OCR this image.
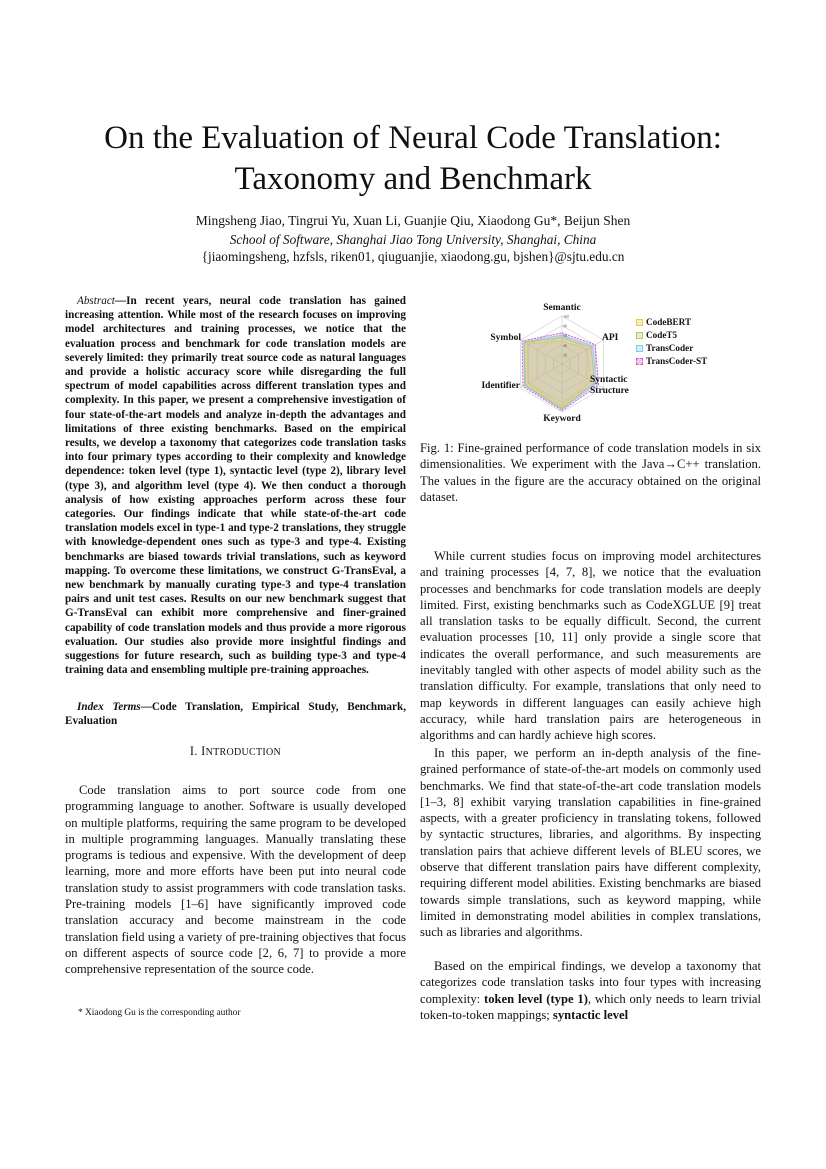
On the Evaluation of Neural Code Translation:
Taxonomy and Benchmark
Mingsheng Jiao, Tingrui Yu, Xuan Li, Guanjie Qiu, Xiaodong Gu*, Beijun Shen
School of Software, Shanghai Jiao Tong University, Shanghai, China
{jiaomingsheng, hzfsls, riken01, qiuguanjie, xiaodong.gu, bjshen}@sjtu.edu.cn
Abstract—In recent years, neural code translation has gained increasing attention. While most of the research focuses on improving model architectures and training processes, we notice that the evaluation process and benchmark for code translation models are severely limited: they primarily treat source code as natural languages and provide a holistic accuracy score while disregarding the full spectrum of model capabilities across different translation types and complexity. In this paper, we present a comprehensive investigation of four state-of-the-art models and analyze in-depth the advantages and limitations of three existing benchmarks. Based on the empirical results, we develop a taxonomy that categorizes code translation tasks into four primary types according to their complexity and knowledge dependence: token level (type 1), syntactic level (type 2), library level (type 3), and algorithm level (type 4). We then conduct a thorough analysis of how existing approaches perform across these four categories. Our findings indicate that while state-of-the-art code translation models excel in type-1 and type-2 translations, they struggle with knowledge-dependent ones such as type-3 and type-4. Existing benchmarks are biased towards trivial translations, such as keyword mapping. To overcome these limitations, we construct G-TransEval, a new benchmark by manually curating type-3 and type-4 translation pairs and unit test cases. Results on our new benchmark suggest that G-TransEval can exhibit more comprehensive and finer-grained capability of code translation models and thus provide a more rigorous evaluation. Our studies also provide more insightful findings and suggestions for future research, such as building type-3 and type-4 training data and ensembling multiple pre-training approaches.
Index Terms—Code Translation, Empirical Study, Benchmark, Evaluation
I. INTRODUCTION
Code translation aims to port source code from one programming language to another. Software is usually developed on multiple platforms, requiring the same program to be developed in multiple programming languages. Manually translating these programs is tedious and expensive. With the development of deep learning, more and more efforts have been put into neural code translation study to assist programmers with code translation tasks. Pre-training models [1–6] have significantly improved code translation accuracy and become mainstream in the code translation field using a variety of pre-training objectives that focus on different aspects of source code [2, 6, 7] to provide a more comprehensive representation of the source code.
* Xiaodong Gu is the corresponding author
100
80
60
40
20
Semantic
API
Syntactic
Structure
Keyword
Identifier
Symbol
CodeBERT
CodeT5
TransCoder
TransCoder-ST
Fig. 1: Fine-grained performance of code translation models in six dimensionalities. We experiment with the Java→C++ translation. The values in the figure are the accuracy obtained on the original dataset.
While current studies focus on improving model architectures and training processes [4, 7, 8], we notice that the evaluation processes and benchmarks for code translation models are deeply limited. First, existing benchmarks such as CodeXGLUE [9] treat all translation tasks to be equally difficult. Second, the current evaluation processes [10, 11] only provide a single score that indicates the overall performance, and such measurements are inevitably tangled with other aspects of model ability such as the translation difficulty. For example, translations that only need to map keywords in different languages can easily achieve high accuracy, while hard translation pairs are heterogeneous in algorithms and can hardly achieve high scores.
In this paper, we perform an in-depth analysis of the fine-grained performance of state-of-the-art models on commonly used benchmarks. We find that state-of-the-art code translation models [1–3, 8] exhibit varying translation capabilities in fine-grained aspects, with a greater proficiency in translating tokens, followed by syntactic structures, libraries, and algorithms. By inspecting translation pairs that achieve different levels of BLEU scores, we observe that different translation pairs have different complexity, requiring different model abilities. Existing benchmarks are biased towards simple translations, such as keyword mapping, while limited in demonstrating model abilities in complex translations, such as libraries and algorithms.
Based on the empirical findings, we develop a taxonomy that categorizes code translation tasks into four types with increasing complexity: token level (type 1), which only needs to learn trivial token-to-token mappings; syntactic level
